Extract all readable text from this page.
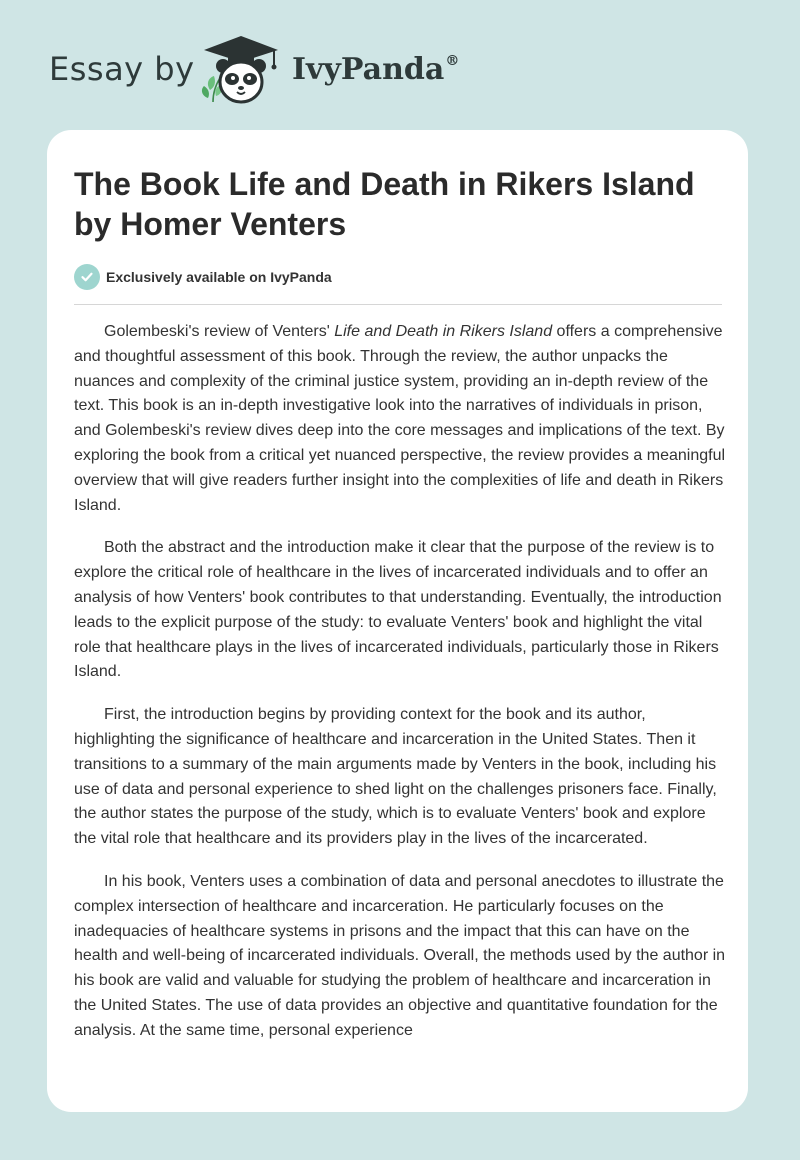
Essay by	IvyPanda®
The Book Life and Death in Rikers Island by Homer Venters
Exclusively available on IvyPanda

Golembeski's review of Venters' Life and Death in Rikers Island offers a comprehensive and thoughtful assessment of this book. Through the review, the author unpacks the nuances and complexity of the criminal justice system, providing an in-depth review of the text. This book is an in-depth investigative look into the narratives of individuals in prison, and Golembeski's review dives deep into the core messages and implications of the text. By exploring the book from a critical yet nuanced perspective, the review provides a meaningful overview that will give readers further insight into the complexities of life and death in Rikers Island.

Both the abstract and the introduction make it clear that the purpose of the review is to explore the critical role of healthcare in the lives of incarcerated individuals and to offer an analysis of how Venters' book contributes to that understanding. Eventually, the introduction leads to the explicit purpose of the study: to evaluate Venters' book and highlight the vital role that healthcare plays in the lives of incarcerated individuals, particularly those in Rikers Island.

First, the introduction begins by providing context for the book and its author, highlighting the significance of healthcare and incarceration in the United States. Then it transitions to a summary of the main arguments made by Venters in the book, including his use of data and personal experience to shed light on the challenges prisoners face. Finally, the author states the purpose of the study, which is to evaluate Venters' book and explore the vital role that healthcare and its providers play in the lives of the incarcerated.

In his book, Venters uses a combination of data and personal anecdotes to illustrate the complex intersection of healthcare and incarceration. He particularly focuses on the inadequacies of healthcare systems in prisons and the impact that this can have on the health and well-being of incarcerated individuals. Overall, the methods used by the author in his book are valid and valuable for studying the problem of healthcare and incarceration in the United States. The use of data provides an objective and quantitative foundation for the analysis. At the same time, personal experience
